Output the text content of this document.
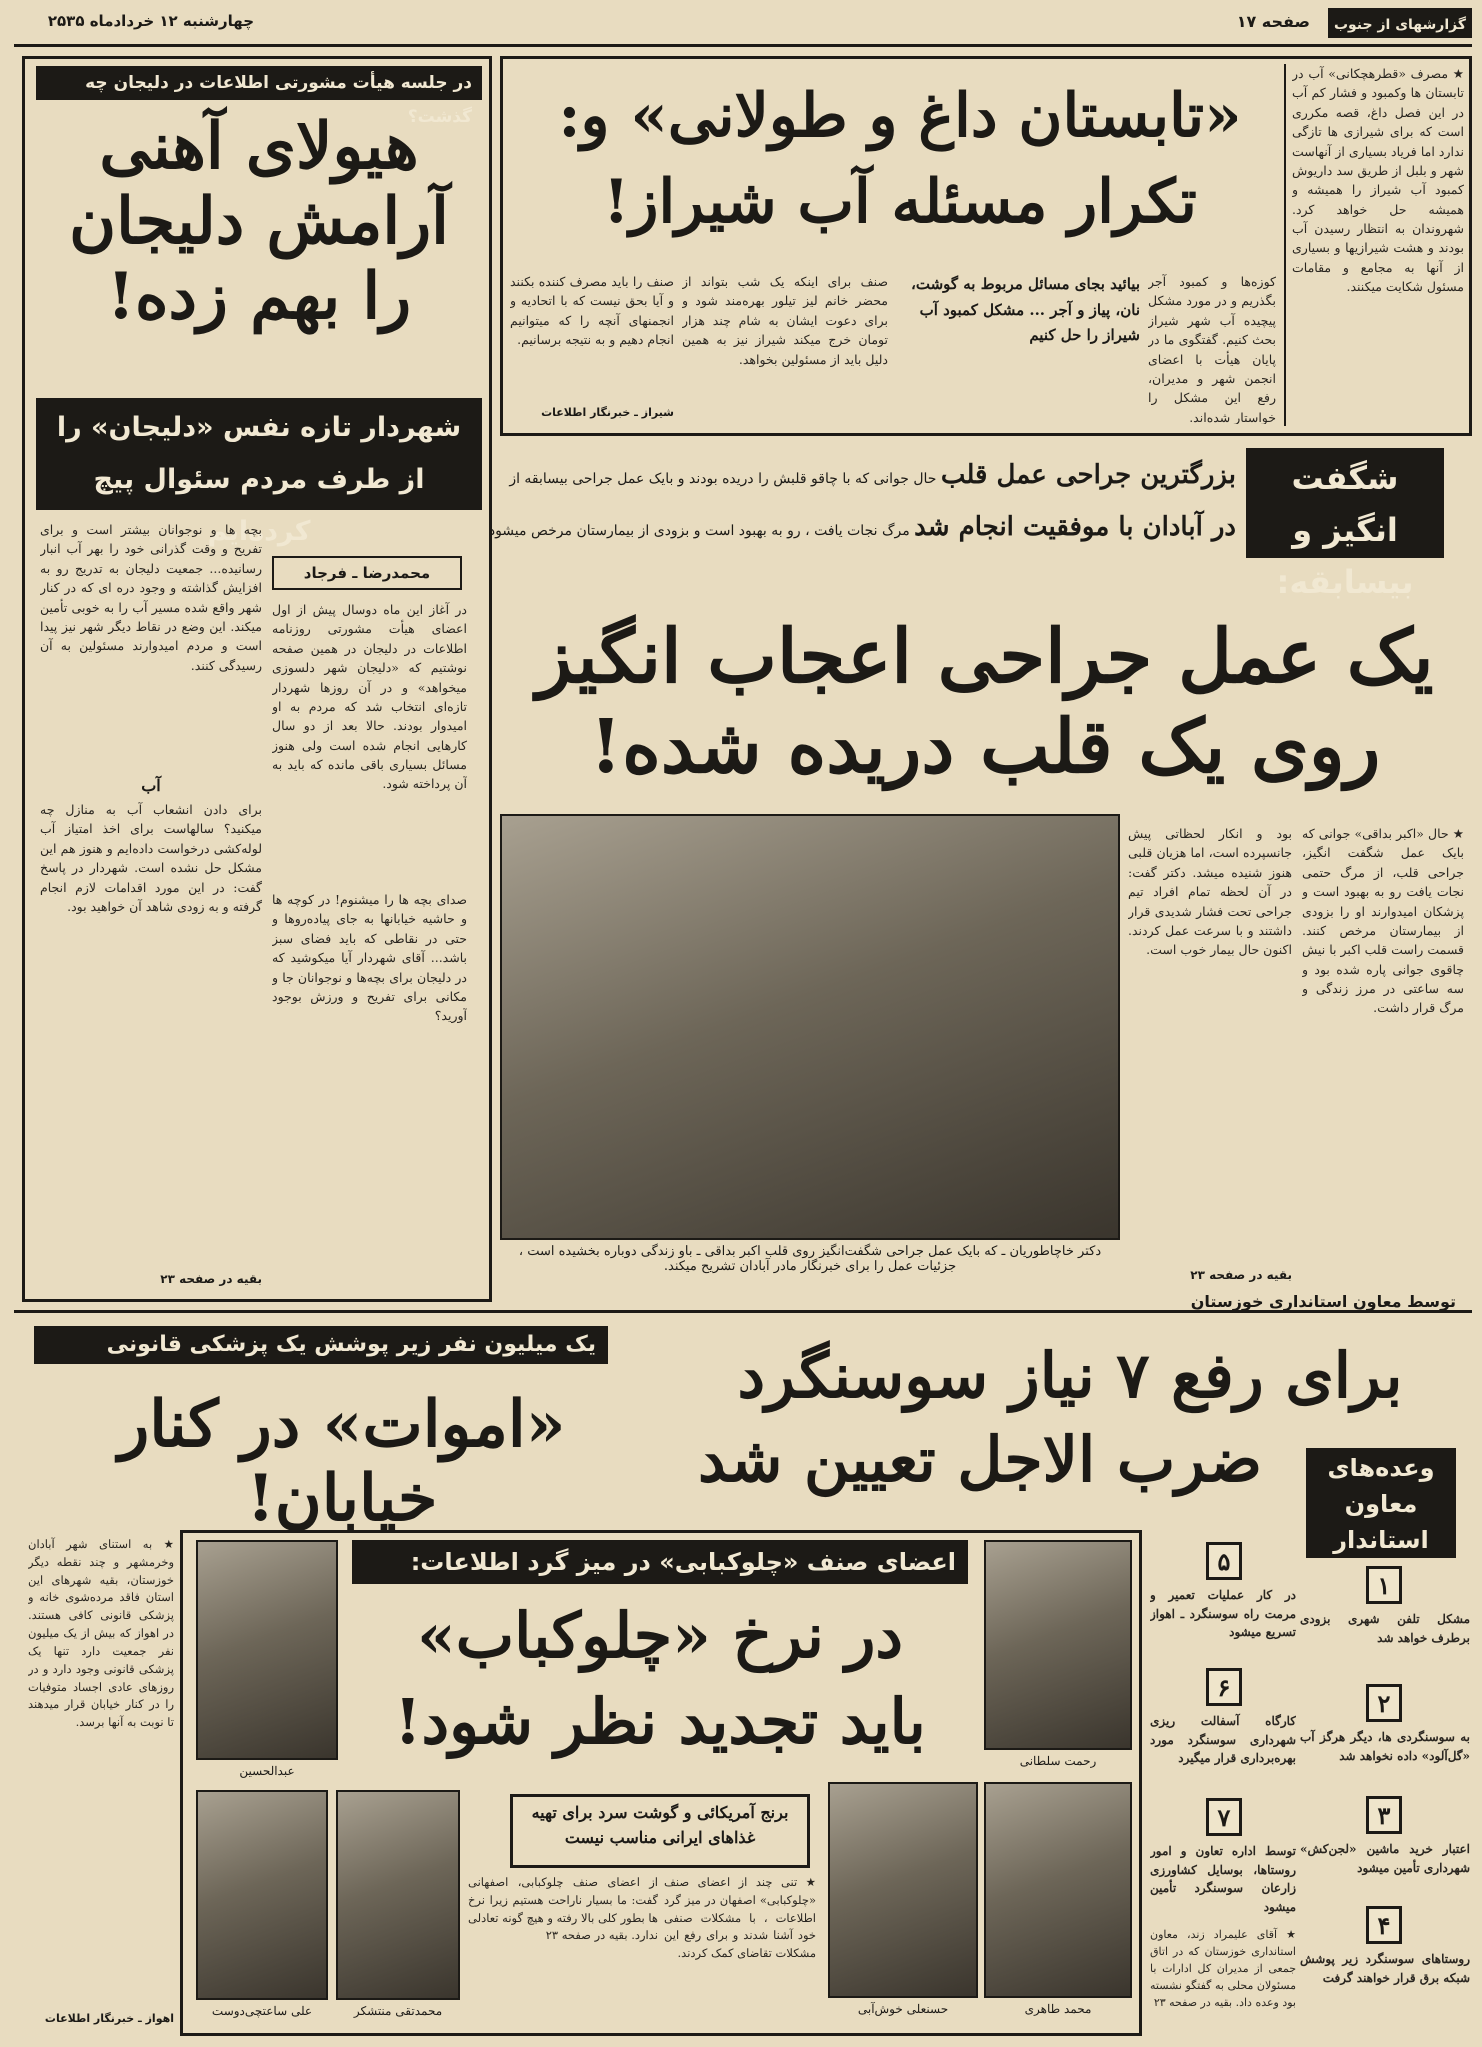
گزارشهای از جنوب
صفحه ۱۷
چهارشنبه ۱۲ خردادماه ۲۵۳۵
در جلسه هیأت مشورتی اطلاعات در دلیجان چه گذشت؟
هیولای آهنی آرامش دلیجان را بهم زده!
شهردار تازه نفس «دلیجان» را از طرف مردم سئوال پیچ کرده‌ایم
محمدرضا ـ فرجاد
در آغاز این ماه دوسال پیش از اول اعضای هیأت مشورتی روزنامه اطلاعات در دلیجان در همین صفحه نوشتیم که «دلیجان شهر دلسوزی میخواهد» و در آن روزها شهردار تازه‌ای انتخاب شد که مردم به او امیدوار بودند. حالا بعد از دو سال کارهایی انجام شده است ولی هنوز مسائل بسیاری باقی مانده که باید به آن پرداخته شود.
صدای بچه ها را میشنوم! در کوچه ها و حاشیه خیابانها به جای پیاده‌روها و حتی در نقاطی که باید فضای سبز باشد... آقای شهردار آیا میکوشید که در دلیجان برای بچه‌ها و نوجوانان جا و مکانی برای تفریح و ورزش بوجود آورید؟
بچه ها و نوجوانان بیشتر است و برای تفریح و وقت گذرانی خود را بهر آب انبار رسانیده... جمعیت دلیجان به تدریج رو به افزایش گذاشته و وجود دره ای که در کنار شهر واقع شده مسیر آب را به خوبی تأمین میکند. این وضع در نقاط دیگر شهر نیز پیدا است و مردم امیدوارند مسئولین به آن رسیدگی کنند.
آب
برای دادن انشعاب آب به منازل چه میکنید؟ سالهاست برای اخذ امتیاز آب لوله‌کشی درخواست داده‌ایم و هنوز هم این مشکل حل نشده است. شهردار در پاسخ گفت: در این مورد اقدامات لازم انجام گرفته و به زودی شاهد آن خواهید بود.
بقیه در صفحه ۲۳
★ مصرف «قطرهچکانی» آب در تابستان ها وکمبود و فشار کم آب در این فصل داغ، قصه مکرری است که برای شیرازی ها تازگی ندارد اما فریاد بسیاری از آنهاست شهر و بلبل از طریق سد داریوش کمبود آب شیراز را همیشه و همیشه حل خواهد کرد. شهروندان به انتظار رسیدن آب بودند و هشت شیرازیها و بسیاری از آنها به مجامع و مقامات مسئول شکایت میکنند.
«تابستان داغ و طولانی» و:
تکرار مسئله آب شیراز!
کوزه‌ها و کمبود آجر بگذریم و در مورد مشکل پیچیده آب شهر شیراز بحث کنیم. گفتگوی ما در پایان هیأت با اعضای انجمن شهر و مدیران، رفع این مشکل را خواستار شده‌اند.
بیائید بجای مسائل مربوط به گوشت، نان، پیاز و آجر ... مشکل کمبود آب شیراز را حل کنیم
صنف برای اینکه یک شب بتواند از محضر خانم لیز تیلور بهره‌مند شود و برای دعوت ایشان به شام چند هزار تومان خرج میکند شیراز نیز به همین دلیل باید از مسئولین بخواهد.
صنف را باید مصرف کننده بکنند و آیا بحق نیست که با اتحادیه و انجمنهای آنچه را که میتوانیم انجام دهیم و به نتیجه برسانیم.
شیراز ـ خبرنگار اطلاعات
شگفت انگیز و بیسابقه:
بزرگترین جراحی عمل قلب حال جوانی که با چاقو قلبش را دریده بودند و بایک عمل جراحی بیسابقه از
در آبادان با موفقیت انجام شد مرگ نجات یافت ، رو به بهبود است و بزودی از بیمارستان مرخص میشود
یک عمل جراحی اعجاب انگیز
روی یک قلب دریده شده!
دکتر خاچاطوریان ـ که بایک عمل جراحی شگفت‌انگیز روی قلب اکبر بداقی ـ باو زندگی دوباره بخشیده است ،
جزئیات عمل را برای خبرنگار مادر آبادان تشریح میکند.
بود و انکار لحظاتی پیش جانسپرده است، اما هزیان قلبی هنوز شنیده میشد. دکتر گفت: در آن لحظه تمام افراد تیم جراحی تحت فشار شدیدی قرار داشتند و با سرعت عمل کردند. اکنون حال بیمار خوب است.
بقیه در صفحه ۲۳
★ حال «اکبر بداقی» جوانی که بایک عمل شگفت انگیز، جراحی قلب، از مرگ حتمی نجات یافت رو به بهبود است و پزشکان امیدوارند او را بزودی از بیمارستان مرخص کنند. قسمت راست قلب اکبر با نیش چاقوی جوانی پاره شده بود و سه ساعتی در مرز زندگی و مرگ قرار داشت.
یک میلیون نفر زیر پوشش یک پزشکی قانونی
«اموات» در کنار خیابان!
توسط معاون استانداری خوزستان
برای رفع ۷ نیاز سوسنگرد
ضرب الاجل تعیین شد	وعده‌های معاون استاندار
اعضای صنف «چلوکبابی» در میز گرد اطلاعات:
در نرخ «چلوکباب»
باید تجدید نظر شود!
عبدالحسین
رحمت سلطانی
علی ساعتچی‌دوست	محمدتقی منتشکر
برنج آمریکائی و گوشت سرد برای تهیه غذاهای ایرانی مناسب نیست
★ تنی چند از اعضای صنف «چلوکبابی» اصفهان در میز گرد اطلاعات ، با مشکلات صنفی خود آشنا شدند و برای رفع این مشکلات تقاضای کمک کردند.
از اعضای صنف چلوکبابی، اصفهانی گفت: ما بسیار ناراحت هستیم زیرا نرخ ها بطور کلی بالا رفته و هیچ گونه تعادلی ندارد. بقیه در صفحه ۲۳
حسنعلی خوش‌آبی	محمد طاهری
★ به استنای شهر آبادان وخرمشهر و چند نقطه دیگر خوزستان، بقیه شهرهای این استان فاقد مرده‌شوی خانه و پزشکی قانونی کافی هستند. در اهواز که بیش از یک میلیون نفر جمعیت دارد تنها یک پزشکی قانونی وجود دارد و در روزهای عادی اجساد متوفیات را در کنار خیابان قرار میدهند تا نوبت به آنها برسد.
اهواز ـ خبرنگار اطلاعات
۱
مشکل تلفن شهری بزودی برطرف خواهد شد
۲
به سوسنگردی ها، دیگر هرگز آب «گل‌آلود» داده نخواهد شد
۳
اعتبار خرید ماشین «لجن‌کش» شهرداری تأمین میشود
۴
روستاهای سوسنگرد زیر پوشش شبکه برق قرار خواهند گرفت
۵
در کار عملیات تعمیر و مرمت راه سوسنگرد ـ اهواز تسریع میشود
۶
کارگاه آسفالت ریزی شهرداری سوسنگرد مورد بهره‌برداری قرار میگیرد
۷
توسط اداره تعاون و امور روستاها، بوسایل کشاورزی زارعان سوسنگرد تأمین میشود
★ آقای علیمراد زند، معاون استانداری خوزستان که در اتاق جمعی از مدیران کل ادارات با مسئولان محلی به گفتگو نشسته بود وعده داد. بقیه در صفحه ۲۳
